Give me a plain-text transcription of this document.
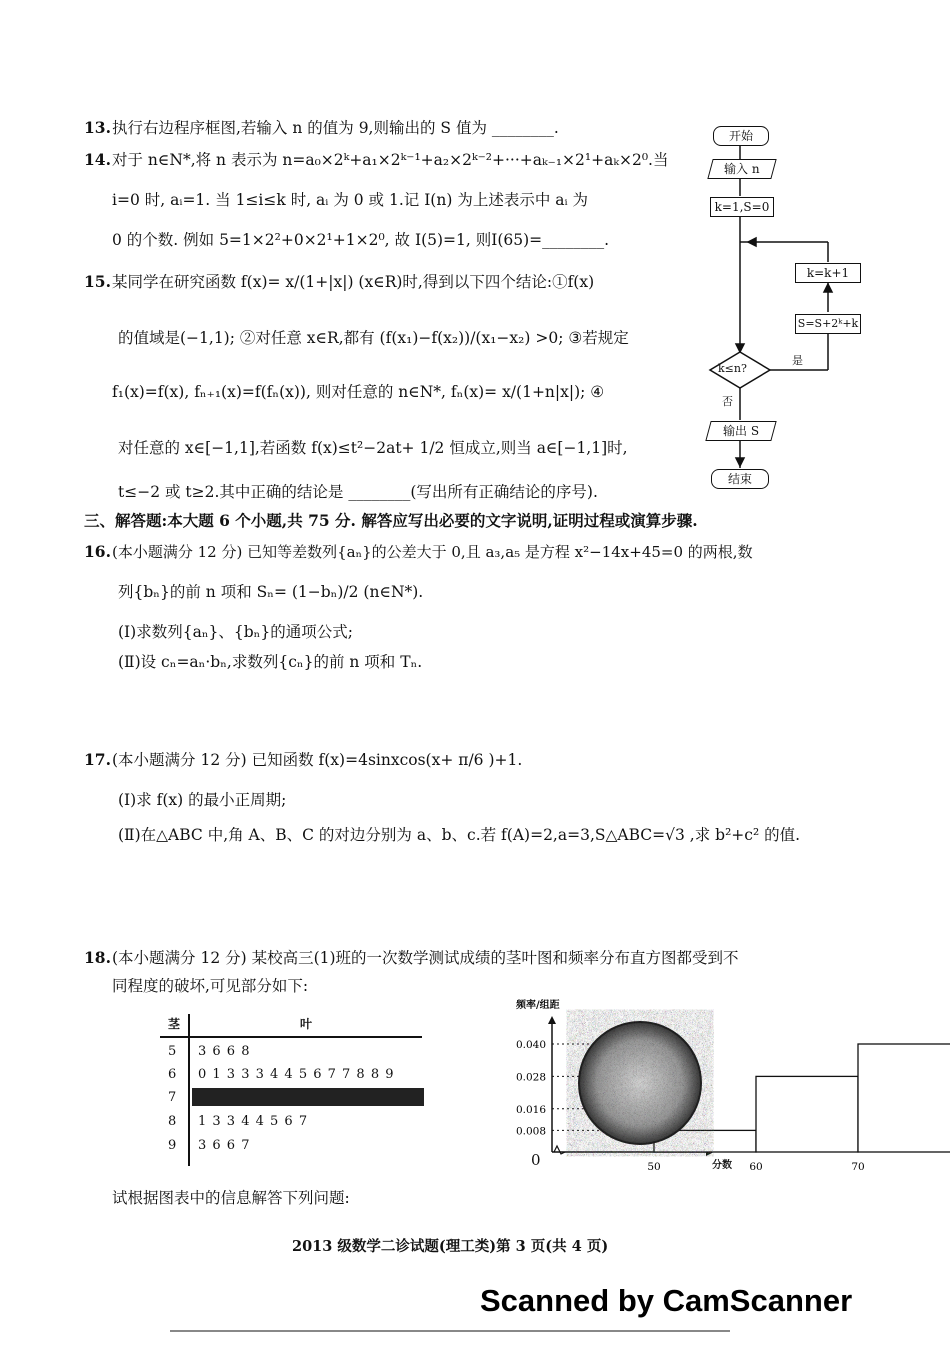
13. 执行右边程序框图,若输入 n 的值为 9,则输出的 S 值为 ________.
14. 对于 n∈N*,将 n 表示为 n=a₀×2ᵏ+a₁×2ᵏ⁻¹+a₂×2ᵏ⁻²+···+aₖ₋₁×2¹+aₖ×2⁰.当
i=0 时, aᵢ=1. 当 1≤i≤k 时, aᵢ 为 0 或 1.记 I(n) 为上述表示中 aᵢ 为
0 的个数. 例如 5=1×2²+0×2¹+1×2⁰, 故 I(5)=1, 则I(65)=________.
15. 某同学在研究函数 f(x)= x/(1+|x|) (x∈R)时,得到以下四个结论:①f(x)
的值域是(−1,1); ②对任意 x∈R,都有 (f(x₁)−f(x₂))/(x₁−x₂) >0; ③若规定
f₁(x)=f(x), fₙ₊₁(x)=f(fₙ(x)), 则对任意的 n∈N*, fₙ(x)= x/(1+n|x|); ④
对任意的 x∈[−1,1],若函数 f(x)≤t²−2at+ 1/2 恒成立,则当 a∈[−1,1]时,
t≤−2 或 t≥2.其中正确的结论是 ________(写出所有正确结论的序号).
三、解答题:本大题 6 个小题,共 75 分. 解答应写出必要的文字说明,证明过程或演算步骤.
16. (本小题满分 12 分) 已知等差数列{aₙ}的公差大于 0,且 a₃,a₅ 是方程 x²−14x+45=0 的两根,数
列{bₙ}的前 n 项和 Sₙ= (1−bₙ)/2 (n∈N*).
(Ⅰ)求数列{aₙ}、{bₙ}的通项公式;
(Ⅱ)设 cₙ=aₙ·bₙ,求数列{cₙ}的前 n 项和 Tₙ.
17. (本小题满分 12 分) 已知函数 f(x)=4sinxcos(x+ π/6 )+1.
(Ⅰ)求 f(x) 的最小正周期;
(Ⅱ)在△ABC 中,角 A、B、C 的对边分别为 a、b、c.若 f(A)=2,a=3,S△ABC=√3 ,求 b²+c² 的值.
18. (本小题满分 12 分) 某校高三(1)班的一次数学测试成绩的茎叶图和频率分布直方图都受到不
同程度的破坏,可见部分如下:
试根据图表中的信息解答下列问题:
茎	叶
5 3 6 6 8
6 0 1 3 3 3 4 4 5 6 7 7 8 8 9
7
8 1 3 3 4 4 5 6 7
9 3 6 6 7
0.040
0.028
0.016
0.008
50	60	70
频率/组距
分数
0
开始
输入 n
k=1,S=0
k=k+1
S=S+2ᵏ+k
k≤n?
是
否
输出 S
结束
2013 级数学二诊试题(理工类)第 3 页(共 4 页)
Scanned by CamScanner
